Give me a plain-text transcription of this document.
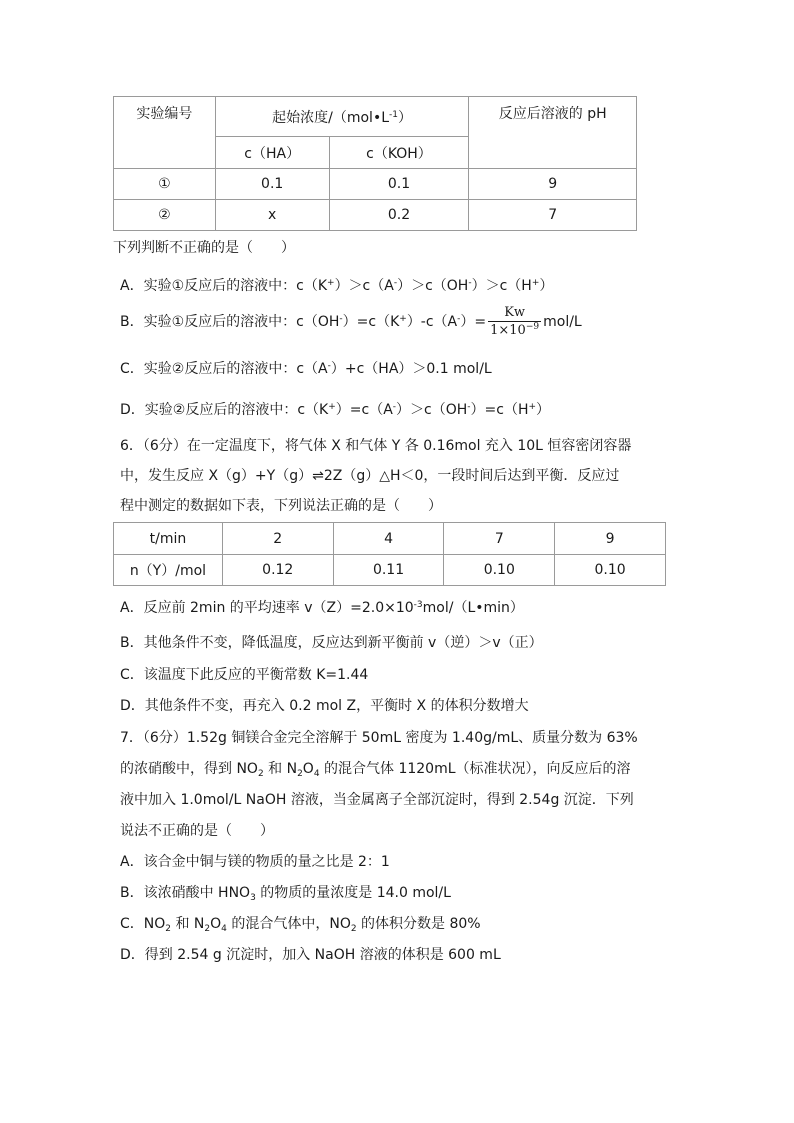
实验编号	起始浓度$/(mol•L^{-1})$		反应后溶液的 pH
	c（HA）	c（KOH）	
①	0.1	0.1	9
②	x	0.2	7
下列判断不正确的是（　　）
A．实验①反应后的溶液中：c（K+）＞c（A-）＞c（OH-）＞c（H+）
B．实验①反应后的溶液中：$c(OH^-)=c(K^+)-c(A^-)= \frac{Kw}{1\times 10^{-9}} mol/L$
C．实验②反应后的溶液中：c（A-）+c（HA）＞0.1 mol/L
D．实验②反应后的溶液中：c（K+）=c（A-）＞c（OH-）=c（H+）
6．（6分）在一定温度下，将气体 X 和气体 Y 各 0.16mol 充入 10L 恒容密闭容器
中，发生反应 X（g）+Y（g）⇌2Z（g）△H＜0，一段时间后达到平衡．反应过
程中测定的数据如下表，下列说法正确的是（　　）
t/min	2	4	7	9
n（Y）/mol	0.12	0.11	0.10	0.10
A．反应前 2min 的平均速率 $v(Z)=2.0\times 10^{-3}mol/(L•\min)$
B．其他条件不变，降低温度，反应达到新平衡前 v（逆）＞v（正）
C．该温度下此反应的平衡常数 K=1.44
D．其他条件不变，再充入 0.2 mol Z，平衡时 X 的体积分数增大
7．（6分）1.52g 铜镁合金完全溶解于 50mL 密度为 1.40g/mL、质量分数为 63%
的浓硝酸中，得到 $NO_2$ 和 $N_2O_4$ 的混合气体 1120mL（标准状况），向反应后的溶
液中加入 1.0mol/L NaOH 溶液，当金属离子全部沉淀时，得到 2.54g 沉淀．下列
说法不正确的是（　　）
A．该合金中铜与镁的物质的量之比是 2：1
B．该浓硝酸中 $HNO_3$ 的物质的量浓度是 14.0 mol/L
C．$NO_2$ 和 $N_2O_4$ 的混合气体中，$NO_2$ 的体积分数是 80%
D．得到 2.54 g 沉淀时，加入 NaOH 溶液的体积是 600 mL
